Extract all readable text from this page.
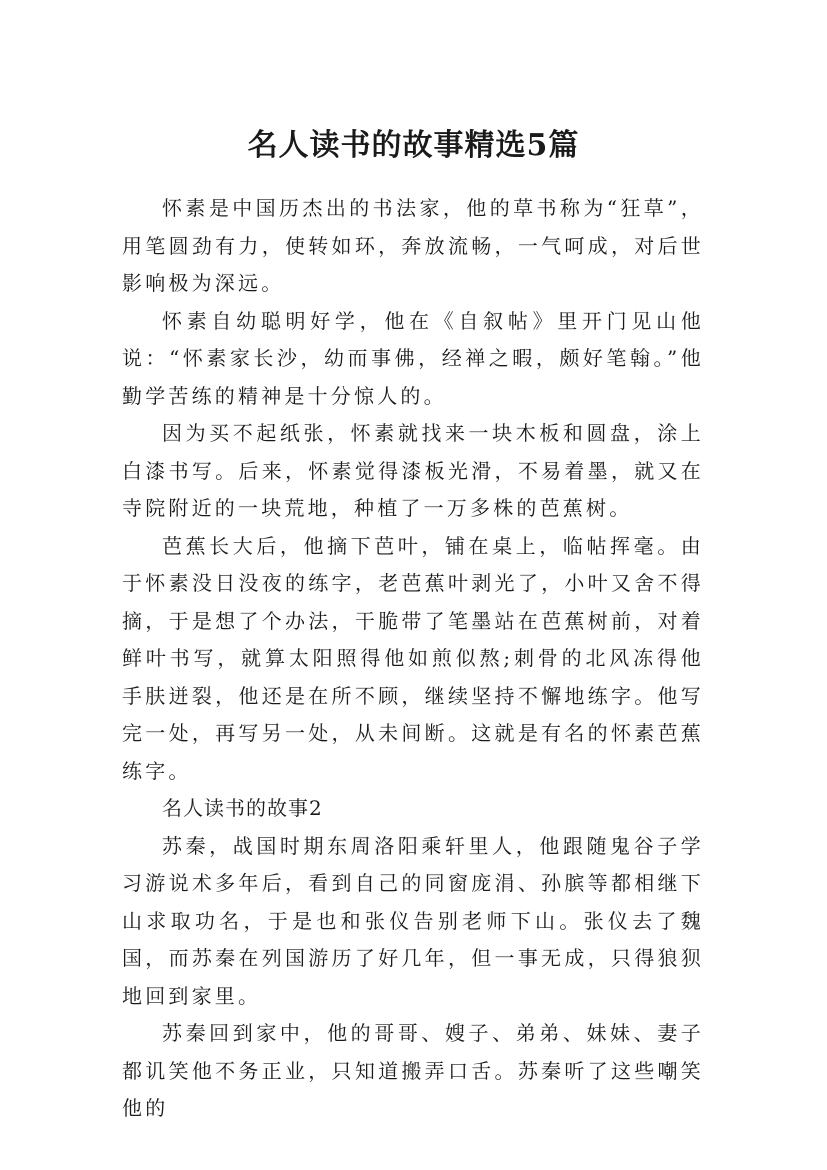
名人读书的故事精选5篇

怀素是中国历杰出的书法家，他的草书称为“狂草”，用笔圆劲有力，使转如环，奔放流畅，一气呵成，对后世影响极为深远。

怀素自幼聪明好学，他在《自叙帖》里开门见山他说：“怀素家长沙，幼而事佛，经禅之暇，颇好笔翰。”他勤学苦练的精神是十分惊人的。

因为买不起纸张，怀素就找来一块木板和圆盘，涂上白漆书写。后来，怀素觉得漆板光滑，不易着墨，就又在寺院附近的一块荒地，种植了一万多株的芭蕉树。

芭蕉长大后，他摘下芭叶，铺在桌上，临帖挥毫。由于怀素没日没夜的练字，老芭蕉叶剥光了，小叶又舍不得摘，于是想了个办法，干脆带了笔墨站在芭蕉树前，对着鲜叶书写，就算太阳照得他如煎似熬;刺骨的北风冻得他手肤迸裂，他还是在所不顾，继续坚持不懈地练字。他写完一处，再写另一处，从未间断。这就是有名的怀素芭蕉练字。

名人读书的故事2

苏秦，战国时期东周洛阳乘轩里人，他跟随鬼谷子学习游说术多年后，看到自己的同窗庞涓、孙膑等都相继下山求取功名，于是也和张仪告别老师下山。张仪去了魏国，而苏秦在列国游历了好几年，但一事无成，只得狼狈地回到家里。

苏秦回到家中，他的哥哥、嫂子、弟弟、妹妹、妻子都讥笑他不务正业，只知道搬弄口舌。苏秦听了这些嘲笑他的
